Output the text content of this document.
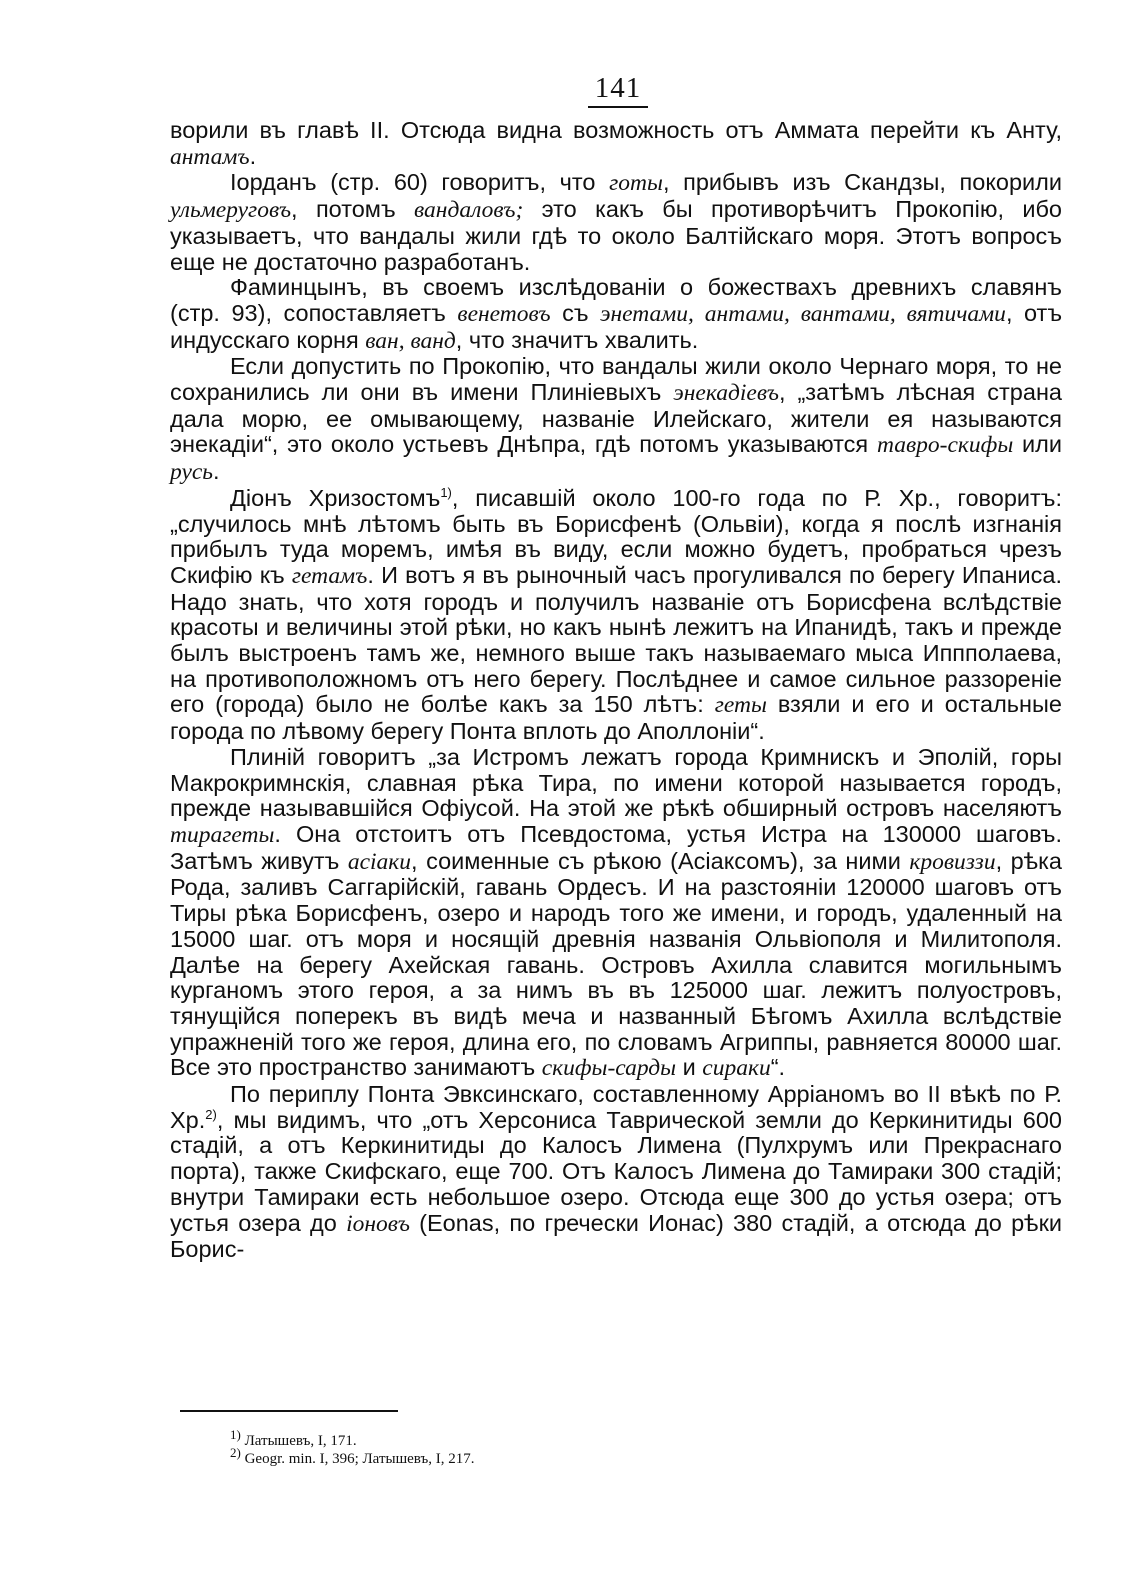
141

ворили въ главѣ II. Отсюда видна возможность отъ Аммата перейти къ Анту, антамъ.

Iорданъ (стр. 60) говоритъ, что готы, прибывъ изъ Скандзы, покорили ульмеруговъ, потомъ вандаловъ; это какъ бы противорѣчитъ Прокопiю, ибо указываетъ, что вандалы жили гдѣ то около Балтiйскаго моря. Этотъ вопросъ еще не достаточно разработанъ.

Фаминцынъ, въ своемъ изслѣдованiи о божествахъ древнихъ славянъ (стр. 93), сопоставляетъ венетовъ съ энетами, антами, вантами, вятичами, отъ индусскаго корня ван, ванд, что значитъ хвалить.

Если допустить по Прокопiю, что вандалы жили около Чернаго моря, то не сохранились ли они въ имени Плинiевыхъ энекадiевъ, „затѣмъ лѣсная страна дала морю, ее омывающему, названiе Илейскаго, жители ея называются энекадiи“, это около устьевъ Днѣпра, гдѣ потомъ указываются тавро-скифы или русь.

Дiонъ Хризостомъ$^{1)}$, писавшiй около 100-го года по Р. Хр., говоритъ: „случилось мнѣ лѣтомъ быть въ Борисфенѣ (Ольвiи), когда я послѣ изгнанiя прибылъ туда моремъ, имѣя въ виду, если можно будетъ, пробраться чрезъ Скифiю къ гетамъ. И вотъ я въ рыночный часъ прогуливался по берегу Ипаниса. Надо знать, что хотя городъ и получилъ названiе отъ Борисфена вслѣдствiе красоты и величины этой рѣки, но какъ нынѣ лежитъ на Ипанидѣ, такъ и прежде былъ выстроенъ тамъ же, немного выше такъ называемаго мыса Иппполаева, на противоположномъ отъ него берегу. Послѣднее и самое сильное раззоренiе его (города) было не болѣе какъ за 150 лѣтъ: геты взяли и его и остальные города по лѣвому берегу Понта вплоть до Аполлонiи“.

Плинiй говоритъ „за Истромъ лежатъ города Кримнискъ и Эполiй, горы Макрокримнскiя, славная рѣка Тира, по имени которой называется городъ, прежде называвшiйся Офiусой. На этой же рѣкѣ обширный островъ населяютъ тирагеты. Она отстоитъ отъ Псевдостома, устья Истра на 130000 шаговъ. Затѣмъ живутъ асiаки, соименные съ рѣкою (Асiаксомъ), за ними кровиззи, рѣка Рода, заливъ Саггарiйскiй, гавань Ордесъ. И на разстоянiи 120000 шаговъ отъ Тиры рѣка Борисфенъ, озеро и народъ того же имени, и городъ, удаленный на 15000 шаг. отъ моря и носящiй древнiя названiя Ольвiополя и Милитополя. Далѣе на берегу Ахейская гавань. Островъ Ахилла славится могильнымъ курганомъ этого героя, а за нимъ въ въ 125000 шаг. лежитъ полуостровъ, тянущiйся поперекъ въ видѣ меча и названный Бѣгомъ Ахилла вслѣдствiе упражненiй того же героя, длина его, по словамъ Агриппы, равняется 80000 шаг. Все это пространство занимаютъ скифы-сарды и сираки“.

По периплу Понта Эвксинскаго, составленному Аррiаномъ во II вѣкѣ по Р. Хр.$^{2)}$, мы видимъ, что „отъ Херсониса Таврической земли до Керкинитиды 600 стадiй, а отъ Керкинитиды до Калосъ Лимена (Пулхрумъ или Прекраснаго порта), также Скифскаго, еще 700. Отъ Калосъ Лимена до Тамираки 300 стадiй; внутри Тамираки есть небольшое озеро. Отсюда еще 300 до устья озера; отъ устья озера до iоновъ (Eonas, по гречески Ионас) 380 стадiй, а отсюда до рѣки Борис-

$^{1)}$ Латышевъ, I, 171.
$^{2)}$ Geogr. min. I, 396; Латышевъ, I, 217.
